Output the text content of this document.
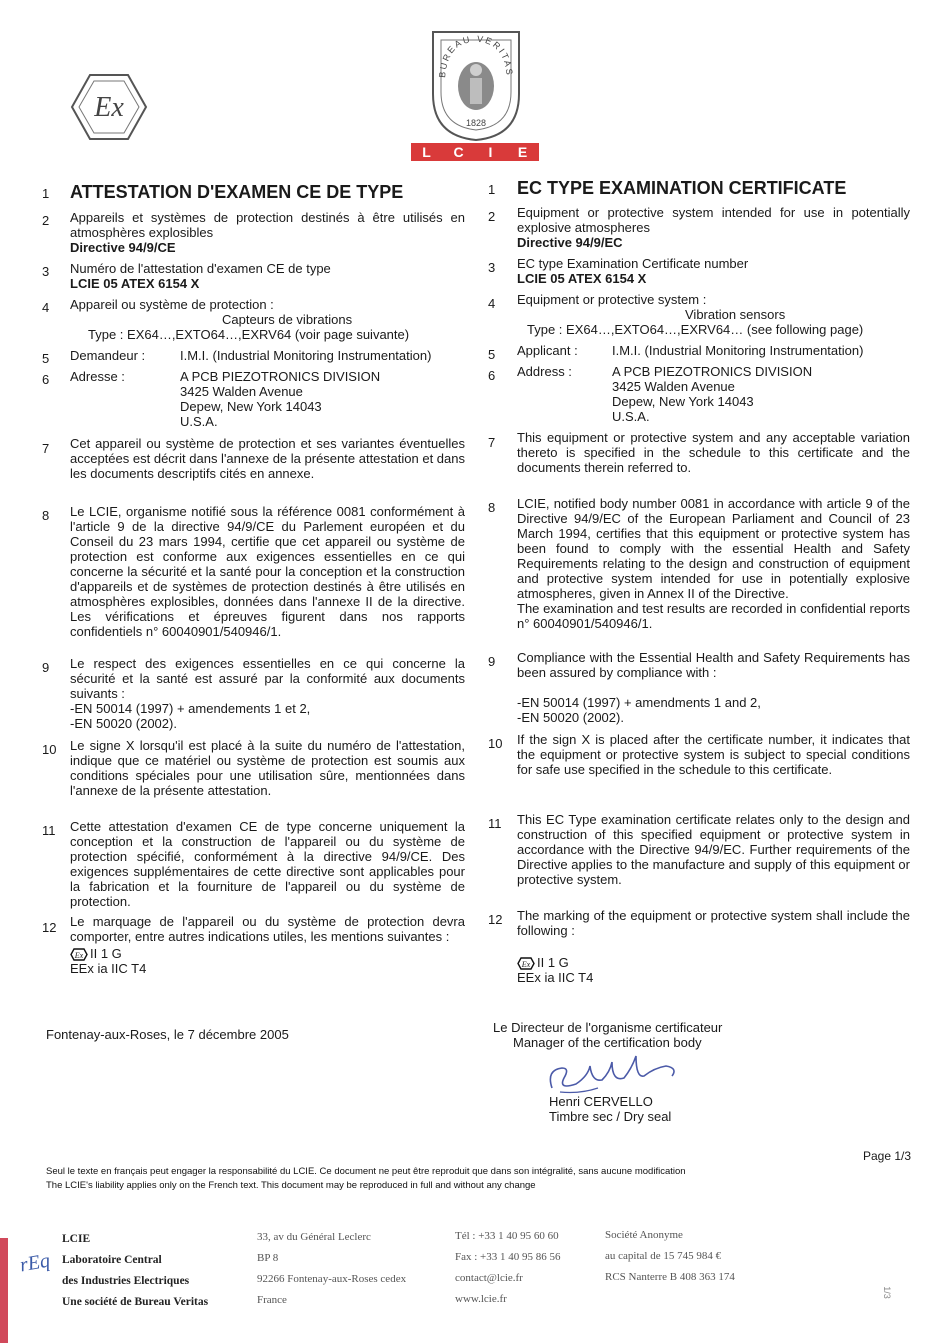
Ex
BUREAU VERITAS
1828
L	C	I	E
1	ATTESTATION D'EXAMEN CE DE TYPE
2	Appareils et systèmes de protection destinés à être utilisés en atmosphères explosibles
Directive 94/9/CE
3	Numéro de l'attestation d'examen CE de type
LCIE 05 ATEX 6154 X
4	Appareil ou système de protection :
Capteurs de vibrations
Type : EX64…,EXTO64…,EXRV64 (voir page suivante)
5	Demandeur :	I.M.I. (Industrial Monitoring Instrumentation)
6	Adresse :	A PCB PIEZOTRONICS DIVISION
3425 Walden Avenue
Depew, New York 14043
U.S.A.
7	Cet appareil ou système de protection et ses variantes éventuelles acceptées est décrit dans l'annexe de la présente attestation et dans les documents descriptifs cités en annexe.
8	Le LCIE, organisme notifié sous la référence 0081 conformément à l'article 9 de la directive 94/9/CE du Parlement européen et du Conseil du 23 mars 1994, certifie que cet appareil ou système de protection est conforme aux exigences essentielles en ce qui concerne la sécurité et la santé pour la conception et la construction d'appareils et de systèmes de protection destinés à être utilisés en atmosphères explosibles, données dans l'annexe II de la directive. Les vérifications et épreuves figurent dans nos rapports confidentiels n° 60040901/540946/1.
9	Le respect des exigences essentielles en ce qui concerne la sécurité et la santé est assuré par la conformité aux documents suivants :
-EN 50014 (1997) + amendements 1 et 2,
-EN 50020 (2002).
10	Le signe X lorsqu'il est placé à la suite du numéro de l'attestation, indique que ce matériel ou système de protection est soumis aux conditions spéciales pour une utilisation sûre, mentionnées dans l'annexe de la présente attestation.
11	Cette attestation d'examen CE de type concerne uniquement la conception et la construction de l'appareil ou du système de protection spécifié, conformément à la directive 94/9/CE. Des exigences supplémentaires de cette directive sont applicables pour la fabrication et la fourniture de l'appareil ou du système de protection.
12	Le marquage de l'appareil ou du système de protection devra comporter, entre autres indications utiles, les mentions suivantes :
Ex II 1 G
EEx ia IIC T4
Fontenay-aux-Roses, le 7 décembre 2005
1	EC TYPE EXAMINATION CERTIFICATE
2	Equipment or protective system intended for use in potentially explosive atmospheres
Directive 94/9/EC
3	EC type Examination Certificate number
LCIE 05 ATEX 6154 X
4	Equipment or protective system :
Vibration sensors
Type : EX64…,EXTO64…,EXRV64… (see following page)
5	Applicant :	I.M.I. (Industrial Monitoring Instrumentation)
6	Address :	A PCB PIEZOTRONICS DIVISION
3425 Walden Avenue
Depew, New York 14043
U.S.A.
7	This equipment or protective system and any acceptable variation thereto is specified in the schedule to this certificate and the documents therein referred to.
8	LCIE, notified body number 0081 in accordance with article 9 of the Directive 94/9/EC of the European Parliament and Council of 23 March 1994, certifies that this equipment or protective system has been found to comply with the essential Health and Safety Requirements relating to the design and construction of equipment and protective system intended for use in potentially explosive atmospheres, given in Annex II of the Directive.
The examination and test results are recorded in confidential reports n° 60040901/540946/1.
9	Compliance with the Essential Health and Safety Requirements has been assured by compliance with :
-EN 50014 (1997) + amendments 1 and 2,
-EN 50020 (2002).
10	If the sign X is placed after the certificate number, it indicates that the equipment or protective system is subject to special conditions for safe use specified in the schedule to this certificate.
11	This EC Type examination certificate relates only to the design and construction of this specified equipment or protective system in accordance with the Directive 94/9/EC. Further requirements of the Directive applies to the manufacture and supply of this equipment or protective system.
12	The marking of the equipment or protective system shall include the following :
Ex II 1 G
EEx ia IIC T4
Le Directeur de l'organisme certificateur
Manager of the certification body
Henri CERVELLO
Timbre sec / Dry seal
Page 1/3
Seul le texte en français peut engager la responsabilité du LCIE. Ce document ne peut être reproduit que dans son intégralité, sans aucune modification
The LCIE's liability applies only on the French text. This document may be reproduced in full and without any change
rEq
LCIE
Laboratoire Central
des Industries Electriques
Une société de Bureau Veritas
33, av du Général Leclerc
BP 8
92266 Fontenay-aux-Roses cedex
France
Tél : +33 1 40 95 60 60
Fax : +33 1 40 95 86 56
contact@lcie.fr
www.lcie.fr
Société Anonyme
au capital de 15 745 984 €
RCS Nanterre B 408 363 174
1/3
